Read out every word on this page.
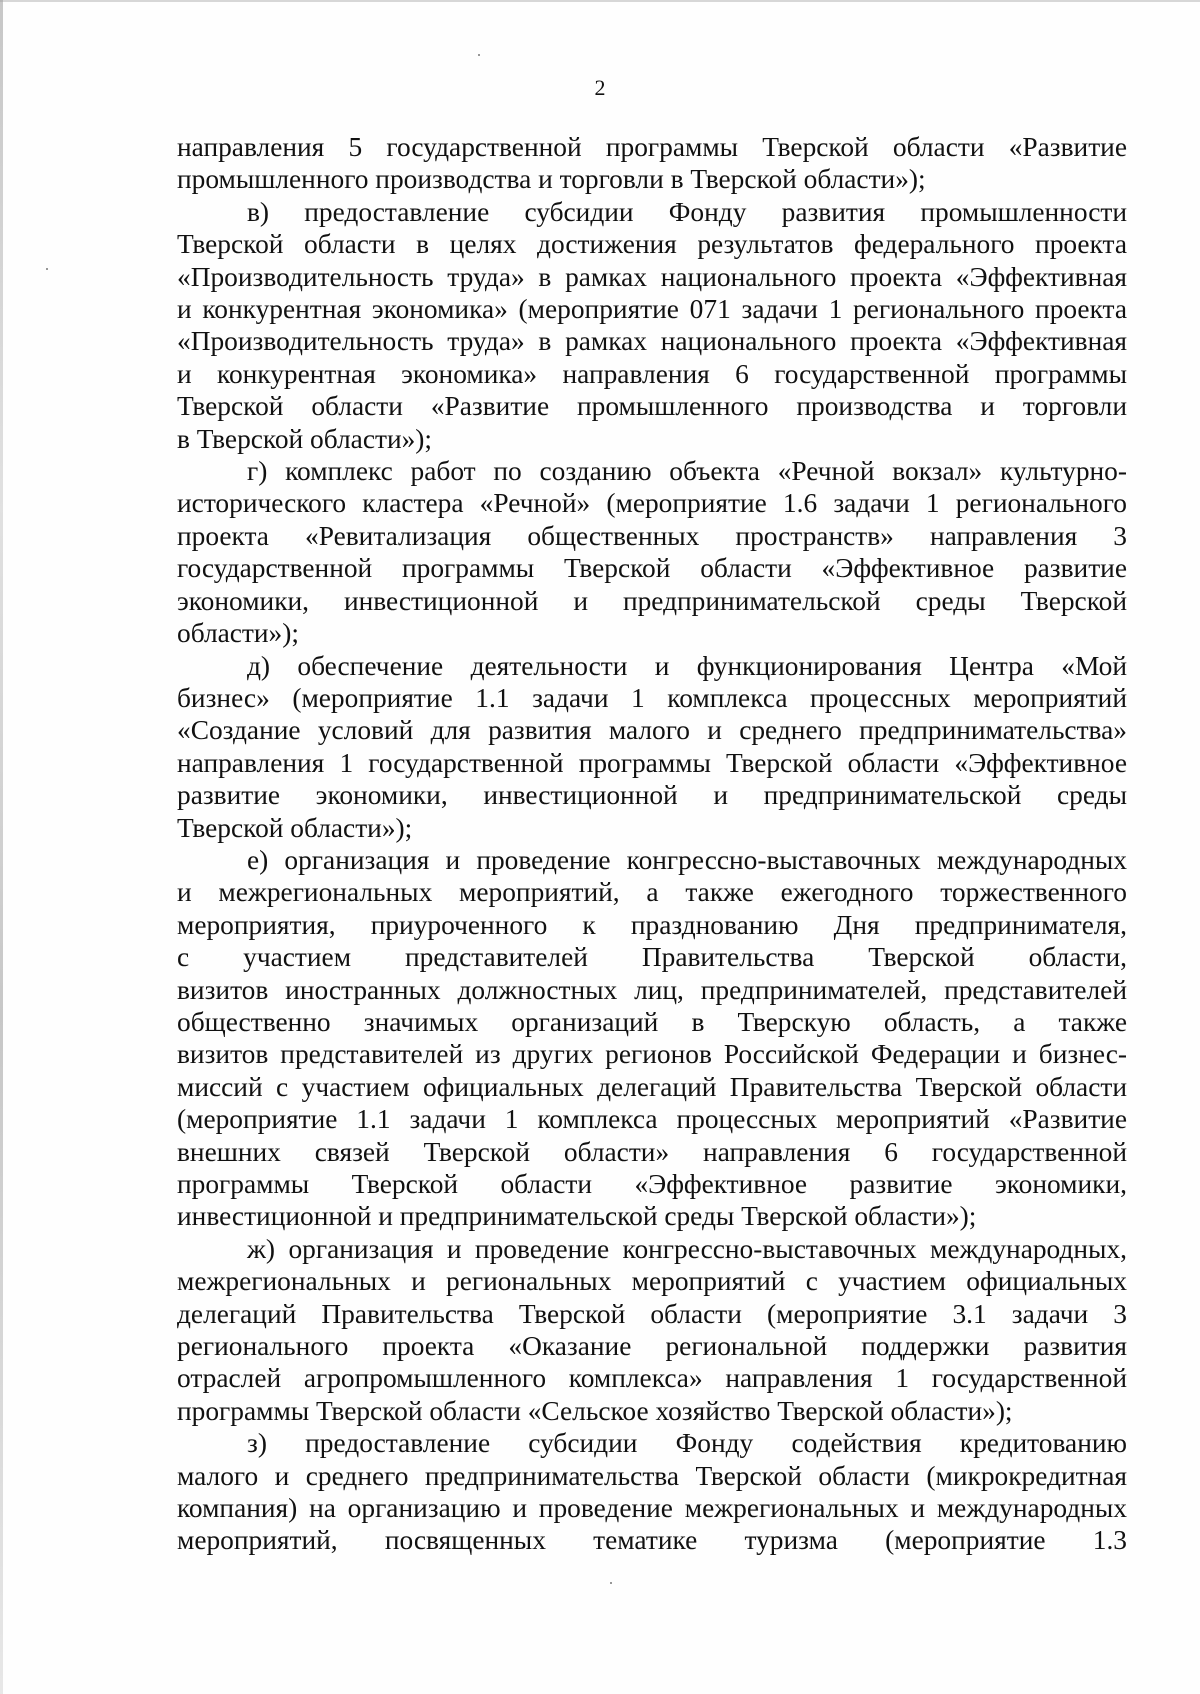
2
направления 5 государственной программы Тверской области «Развитие
промышленного производства и торговли в Тверской области»);
в) предоставление субсидии Фонду развития промышленности
Тверской области в целях достижения результатов федерального проекта
«Производительность труда» в рамках национального проекта «Эффективная
и конкурентная экономика» (мероприятие 071 задачи 1 регионального проекта
«Производительность труда» в рамках национального проекта «Эффективная
и конкурентная экономика» направления 6 государственной программы
Тверской области «Развитие промышленного производства и торговли
в Тверской области»);
г) комплекс работ по созданию объекта «Речной вокзал» культурно-
исторического кластера «Речной» (мероприятие 1.6 задачи 1 регионального
проекта «Ревитализация общественных пространств» направления 3
государственной программы Тверской области «Эффективное развитие
экономики, инвестиционной и предпринимательской среды Тверской
области»);
д) обеспечение деятельности и функционирования Центра «Мой
бизнес» (мероприятие 1.1 задачи 1 комплекса процессных мероприятий
«Создание условий для развития малого и среднего предпринимательства»
направления 1 государственной программы Тверской области «Эффективное
развитие экономики, инвестиционной и предпринимательской среды
Тверской области»);
е) организация и проведение конгрессно-выставочных международных
и межрегиональных мероприятий, а также ежегодного торжественного
мероприятия, приуроченного к празднованию Дня предпринимателя,
с участием представителей Правительства Тверской области,
визитов иностранных должностных лиц, предпринимателей, представителей
общественно значимых организаций в Тверскую область, а также
визитов представителей из других регионов Российской Федерации и бизнес-
миссий с участием официальных делегаций Правительства Тверской области
(мероприятие 1.1 задачи 1 комплекса процессных мероприятий «Развитие
внешних связей Тверской области» направления 6 государственной
программы Тверской области «Эффективное развитие экономики,
инвестиционной и предпринимательской среды Тверской области»);
ж) организация и проведение конгрессно-выставочных международных,
межрегиональных и региональных мероприятий с участием официальных
делегаций Правительства Тверской области (мероприятие 3.1 задачи 3
регионального проекта «Оказание региональной поддержки развития
отраслей агропромышленного комплекса» направления 1 государственной
программы Тверской области «Сельское хозяйство Тверской области»);
з) предоставление субсидии Фонду содействия кредитованию
малого и среднего предпринимательства Тверской области (микрокредитная
компания) на организацию и проведение межрегиональных и международных
мероприятий, посвященных тематике туризма (мероприятие 1.3
